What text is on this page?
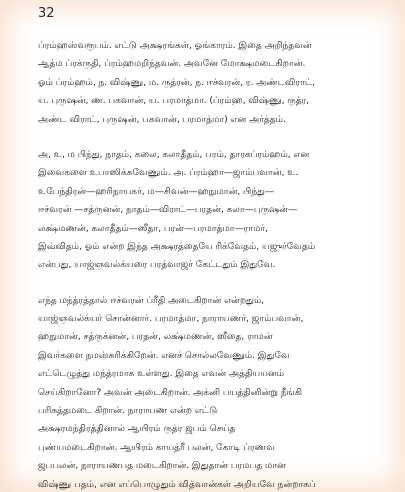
32

ப்ரம்ஹஸ்வரூபம். எட்டு அக்ஷரங்கள், ஓங்காரம். இதை அறிந்தவன்
ஆத்ம ப்ரக்ருதி, ப்ரம்ஹமறிந்தவன். அவனே மோக்ஷமடைகிறான்.
ஓம் ப்ரம்ஹம், ந. விஷ்ணு, ம. ருத்ரன், ந. ஈச்வரன், ர. அண்டவிராட்,
ய. புருஷன், ண. பகவான், ய. பரமாத்மா. (ப்ரம்ஹ, விஷ்ணு, ருத்ர,
அண்ட விராட், புருஷன், பகவான், பரமாத்மா) என அர்த்தம்.

அ, உ, ம பிந்து, நாதம், கலை, கலாதீதம், பரம், தாரகப்ரம்ஹம், என
இவைகளை உபாஸிக்கவேணும். அ. ப்ரம்ஹா—ஜாம்பவான், உ.
உபேந்திரன்—ஹரிநாயகர், ம—சிவன்—ஹநுமான், பிந்து—
ஈச்வரன் —சத்ருனன், நாதம்—விராட்—பரதன், கலா—புருஷன்—
லக்ஷ்மணன், கலாதீதம்—ஸீதா, பரன்—பரமாத்மா—ராமர்,
இவ்விதம், ஓம் என்ற இந்த அக்ஷரத்தையே ரிக்வேதம், யஜுர்வேதம்
என்பது, யாஜ்ஞவல்க்யரை பரத்வாஜர் கேட்டதும் இதுவே.

எந்த மந்த்ரத்தால் ஈச்வரன் ப்ரீதி அடைகிறான் என்றதும்,
யாஜ்ஞவல்க்யர் சொன்னார். பரமாத்மா, நாராயணர், ஜாம்பவான்,
ஹநுமான், சத்ருக்னன், பரதன், லக்ஷ்மணன், ஸீதை, ராமன்
இவர்களை நமஸ்கரிக்கிறேன். எனச் சொல்லவேணும். இதுவே
எட்டெழுத்து மந்த்ரமாக உள்ளது. இதை எவன் அத்தியயனம்
செய்கிறானோ? அவன் அடைகிறான். அக்னி பயத்தினின்று நீங்கி
பரிசுத்தமடை கிறான். நாராயண என்ற எட்டு
அக்ஷரமந்திரத்தினால் ஆயிரம் ருத்ர ஜபம் செய்த
புண்யமடைகிறான். ஆயிரம் காயத்ரீ பலன், கோடி ப்ரணவ
ஜபபலன், நாராயணபத மடைகிறான். இதுதான் பரமபத மான
விஷ்ணு பதம், என எப்பொழுதும் வித்வான்கள் அறியவே நன்றாகப்
